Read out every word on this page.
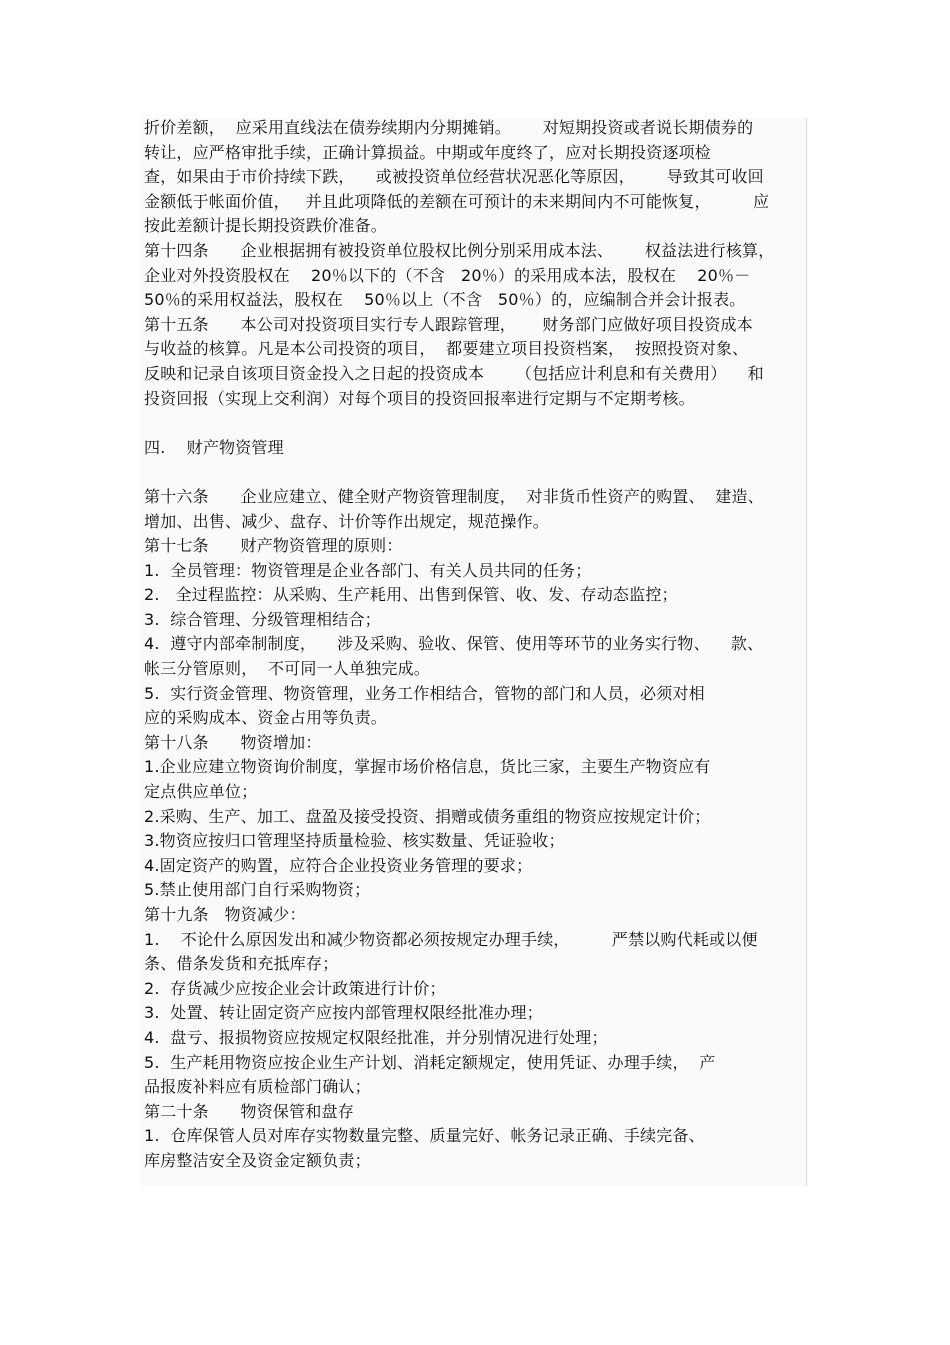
折价差额，  应采用直线法在债券续期内分期摊销。      对短期投资或者说长期债券的
转让，应严格审批手续，正确计算损益。中期或年度终了，应对长期投资逐项检
查，如果由于市价持续下跌，    或被投资单位经营状况恶化等原因，      导致其可收回
金额低于帐面价值，   并且此项降低的差额在可预计的未来期间内不可能恢复，        应
按此差额计提长期投资跌价准备。
第十四条      企业根据拥有被投资单位股权比例分别采用成本法、      权益法进行核算，
企业对外投资股权在    20％以下的（不含   20％）的采用成本法，股权在    20％－
50％的采用权益法，股权在    50％以上（不含   50％）的，应编制合并会计报表。
第十五条      本公司对投资项目实行专人跟踪管理，     财务部门应做好项目投资成本
与收益的核算。凡是本公司投资的项目，  都要建立项目投资档案，  按照投资对象、
反映和记录自该项目资金投入之日起的投资成本      （包括应计利息和有关费用）    和
投资回报（实现上交利润）对每个项目的投资回报率进行定期与不定期考核。
四.    财产物资管理
第十六条      企业应建立、健全财产物资管理制度，  对非货币性资产的购置、  建造、
增加、出售、减少、盘存、计价等作出规定，规范操作。
第十七条      财产物资管理的原则：
1.  全员管理：物资管理是企业各部门、有关人员共同的任务；
2.   全过程监控：从采购、生产耗用、出售到保管、收、发、存动态监控；
3.  综合管理、分级管理相结合；
4.  遵守内部牵制制度，    涉及采购、验收、保管、使用等环节的业务实行物、    款、
帐三分管原则，  不可同一人单独完成。
5.  实行资金管理、物资管理，业务工作相结合，管物的部门和人员，必须对相
应的采购成本、资金占用等负责。
第十八条      物资增加：
1.企业应建立物资询价制度，掌握市场价格信息，货比三家，主要生产物资应有
定点供应单位；
2.采购、生产、加工、盘盈及接受投资、捐赠或债务重组的物资应按规定计价；
3.物资应按归口管理坚持质量检验、核实数量、凭证验收；
4.固定资产的购置，应符合企业投资业务管理的要求；
5.禁止使用部门自行采购物资；
第十九条   物资减少：
1.    不论什么原因发出和减少物资都必须按规定办理手续，        严禁以购代耗或以便
条、借条发货和充抵库存；
2.  存货减少应按企业会计政策进行计价；
3.  处置、转让固定资产应按内部管理权限经批准办理；
4.  盘亏、报损物资应按规定权限经批准，并分别情况进行处理；
5.  生产耗用物资应按企业生产计划、消耗定额规定，使用凭证、办理手续，  产
品报废补料应有质检部门确认；
第二十条      物资保管和盘存
1.  仓库保管人员对库存实物数量完整、质量完好、帐务记录正确、手续完备、
库房整洁安全及资金定额负责；
